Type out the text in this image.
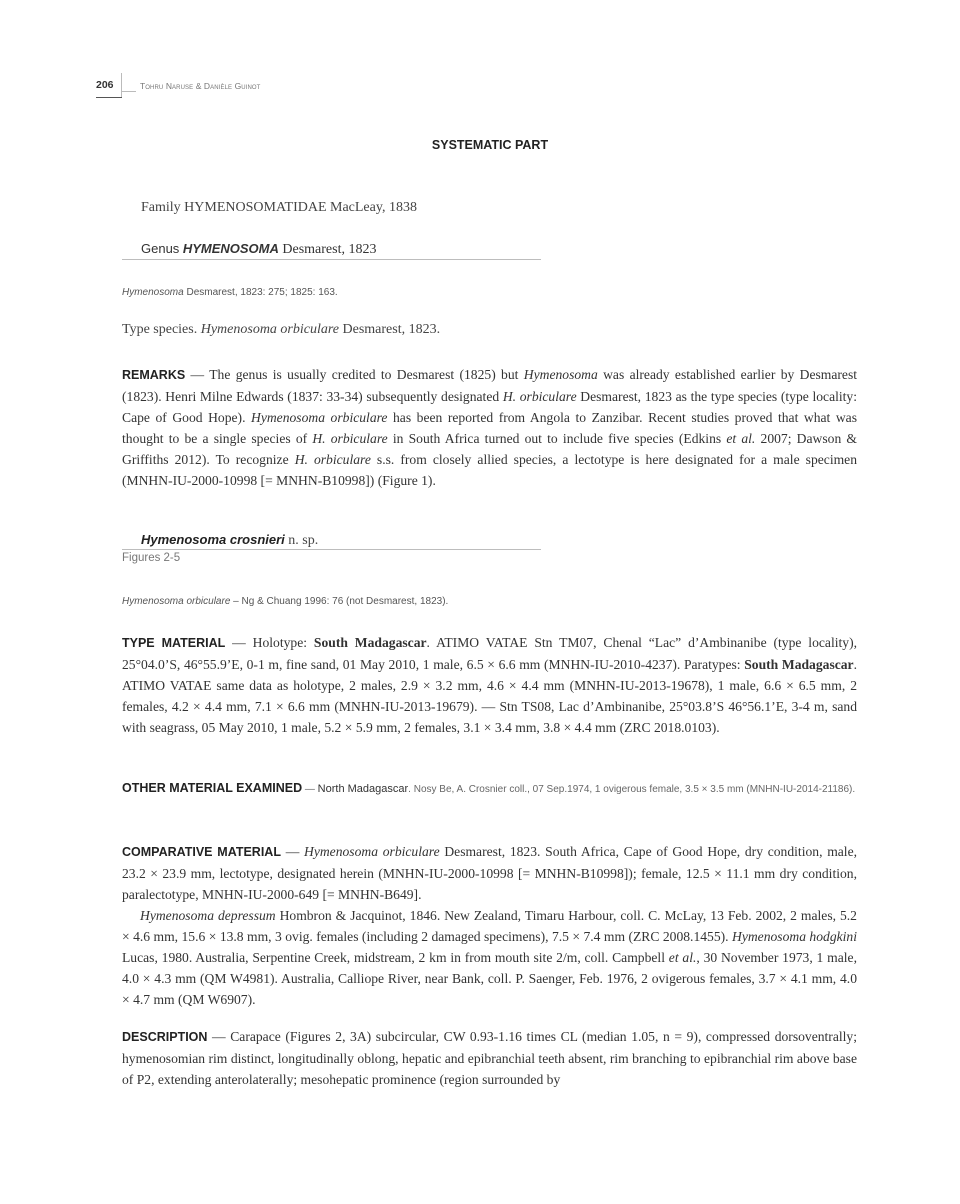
206	Tohru Naruse & Danièle Guinot
SYSTEMATIC PART
Family HYMENOSOMATIDAE MacLeay, 1838
Genus HYMENOSOMA Desmarest, 1823
Hymenosoma Desmarest, 1823: 275; 1825: 163.
Type species. Hymenosoma orbiculare Desmarest, 1823.
REMARKS — The genus is usually credited to Desmarest (1825) but Hymenosoma was already established earlier by Desmarest (1823). Henri Milne Edwards (1837: 33-34) subsequently designated H. orbiculare Desmarest, 1823 as the type species (type locality: Cape of Good Hope). Hymenosoma orbiculare has been reported from Angola to Zanzibar. Recent studies proved that what was thought to be a single species of H. orbiculare in South Africa turned out to include five species (Edkins et al. 2007; Dawson & Griffiths 2012). To recognize H. orbiculare s.s. from closely allied species, a lectotype is here designated for a male specimen (MNHN-IU-2000-10998 [= MNHN-B10998]) (Figure 1).
Hymenosoma crosnieri n. sp.
Figures 2-5
Hymenosoma orbiculare – Ng & Chuang 1996: 76 (not Desmarest, 1823).
TYPE MATERIAL — Holotype: South Madagascar. ATIMO VATAE Stn TM07, Chenal “Lac” d’Ambinanibe (type locality), 25°04.0’S, 46°55.9’E, 0-1 m, fine sand, 01 May 2010, 1 male, 6.5 × 6.6 mm (MNHN-IU-2010-4237). Paratypes: South Madagascar. ATIMO VATAE same data as holotype, 2 males, 2.9 × 3.2 mm, 4.6 × 4.4 mm (MNHN-IU-2013-19678), 1 male, 6.6 × 6.5 mm, 2 females, 4.2 × 4.4 mm, 7.1 × 6.6 mm (MNHN-IU-2013-19679). — Stn TS08, Lac d’Ambinanibe, 25°03.8’S 46°56.1’E, 3-4 m, sand with seagrass, 05 May 2010, 1 male, 5.2 × 5.9 mm, 2 females, 3.1 × 3.4 mm, 3.8 × 4.4 mm (ZRC 2018.0103).
OTHER MATERIAL EXAMINED — North Madagascar. Nosy Be, A. Crosnier coll., 07 Sep.1974, 1 ovigerous female, 3.5 × 3.5 mm (MNHN-IU-2014-21186).
COMPARATIVE MATERIAL — Hymenosoma orbiculare Desmarest, 1823. South Africa, Cape of Good Hope, dry condition, male, 23.2 × 23.9 mm, lectotype, designated herein (MNHN-IU-2000-10998 [= MNHN-B10998]); female, 12.5 × 11.1 mm dry condition, paralectotype, MNHN-IU-2000-649 [= MNHN-B649].
Hymenosoma depressum Hombron & Jacquinot, 1846. New Zealand, Timaru Harbour, coll. C. McLay, 13 Feb. 2002, 2 males, 5.2 × 4.6 mm, 15.6 × 13.8 mm, 3 ovig. females (including 2 damaged specimens), 7.5 × 7.4 mm (ZRC 2008.1455). Hymenosoma hodgkini Lucas, 1980. Australia, Serpentine Creek, midstream, 2 km in from mouth site 2/m, coll. Campbell et al., 30 November 1973, 1 male, 4.0 × 4.3 mm (QM W4981). Australia, Calliope River, near Bank, coll. P. Saenger, Feb. 1976, 2 ovigerous females, 3.7 × 4.1 mm, 4.0 × 4.7 mm (QM W6907).
DESCRIPTION — Carapace (Figures 2, 3A) subcircular, CW 0.93-1.16 times CL (median 1.05, n = 9), compressed dorsoventrally; hymenosomian rim distinct, longitudinally oblong, hepatic and epibranchial teeth absent, rim branching to epibranchial rim above base of P2, extending anterolaterally; mesohepatic prominence (region surrounded by
